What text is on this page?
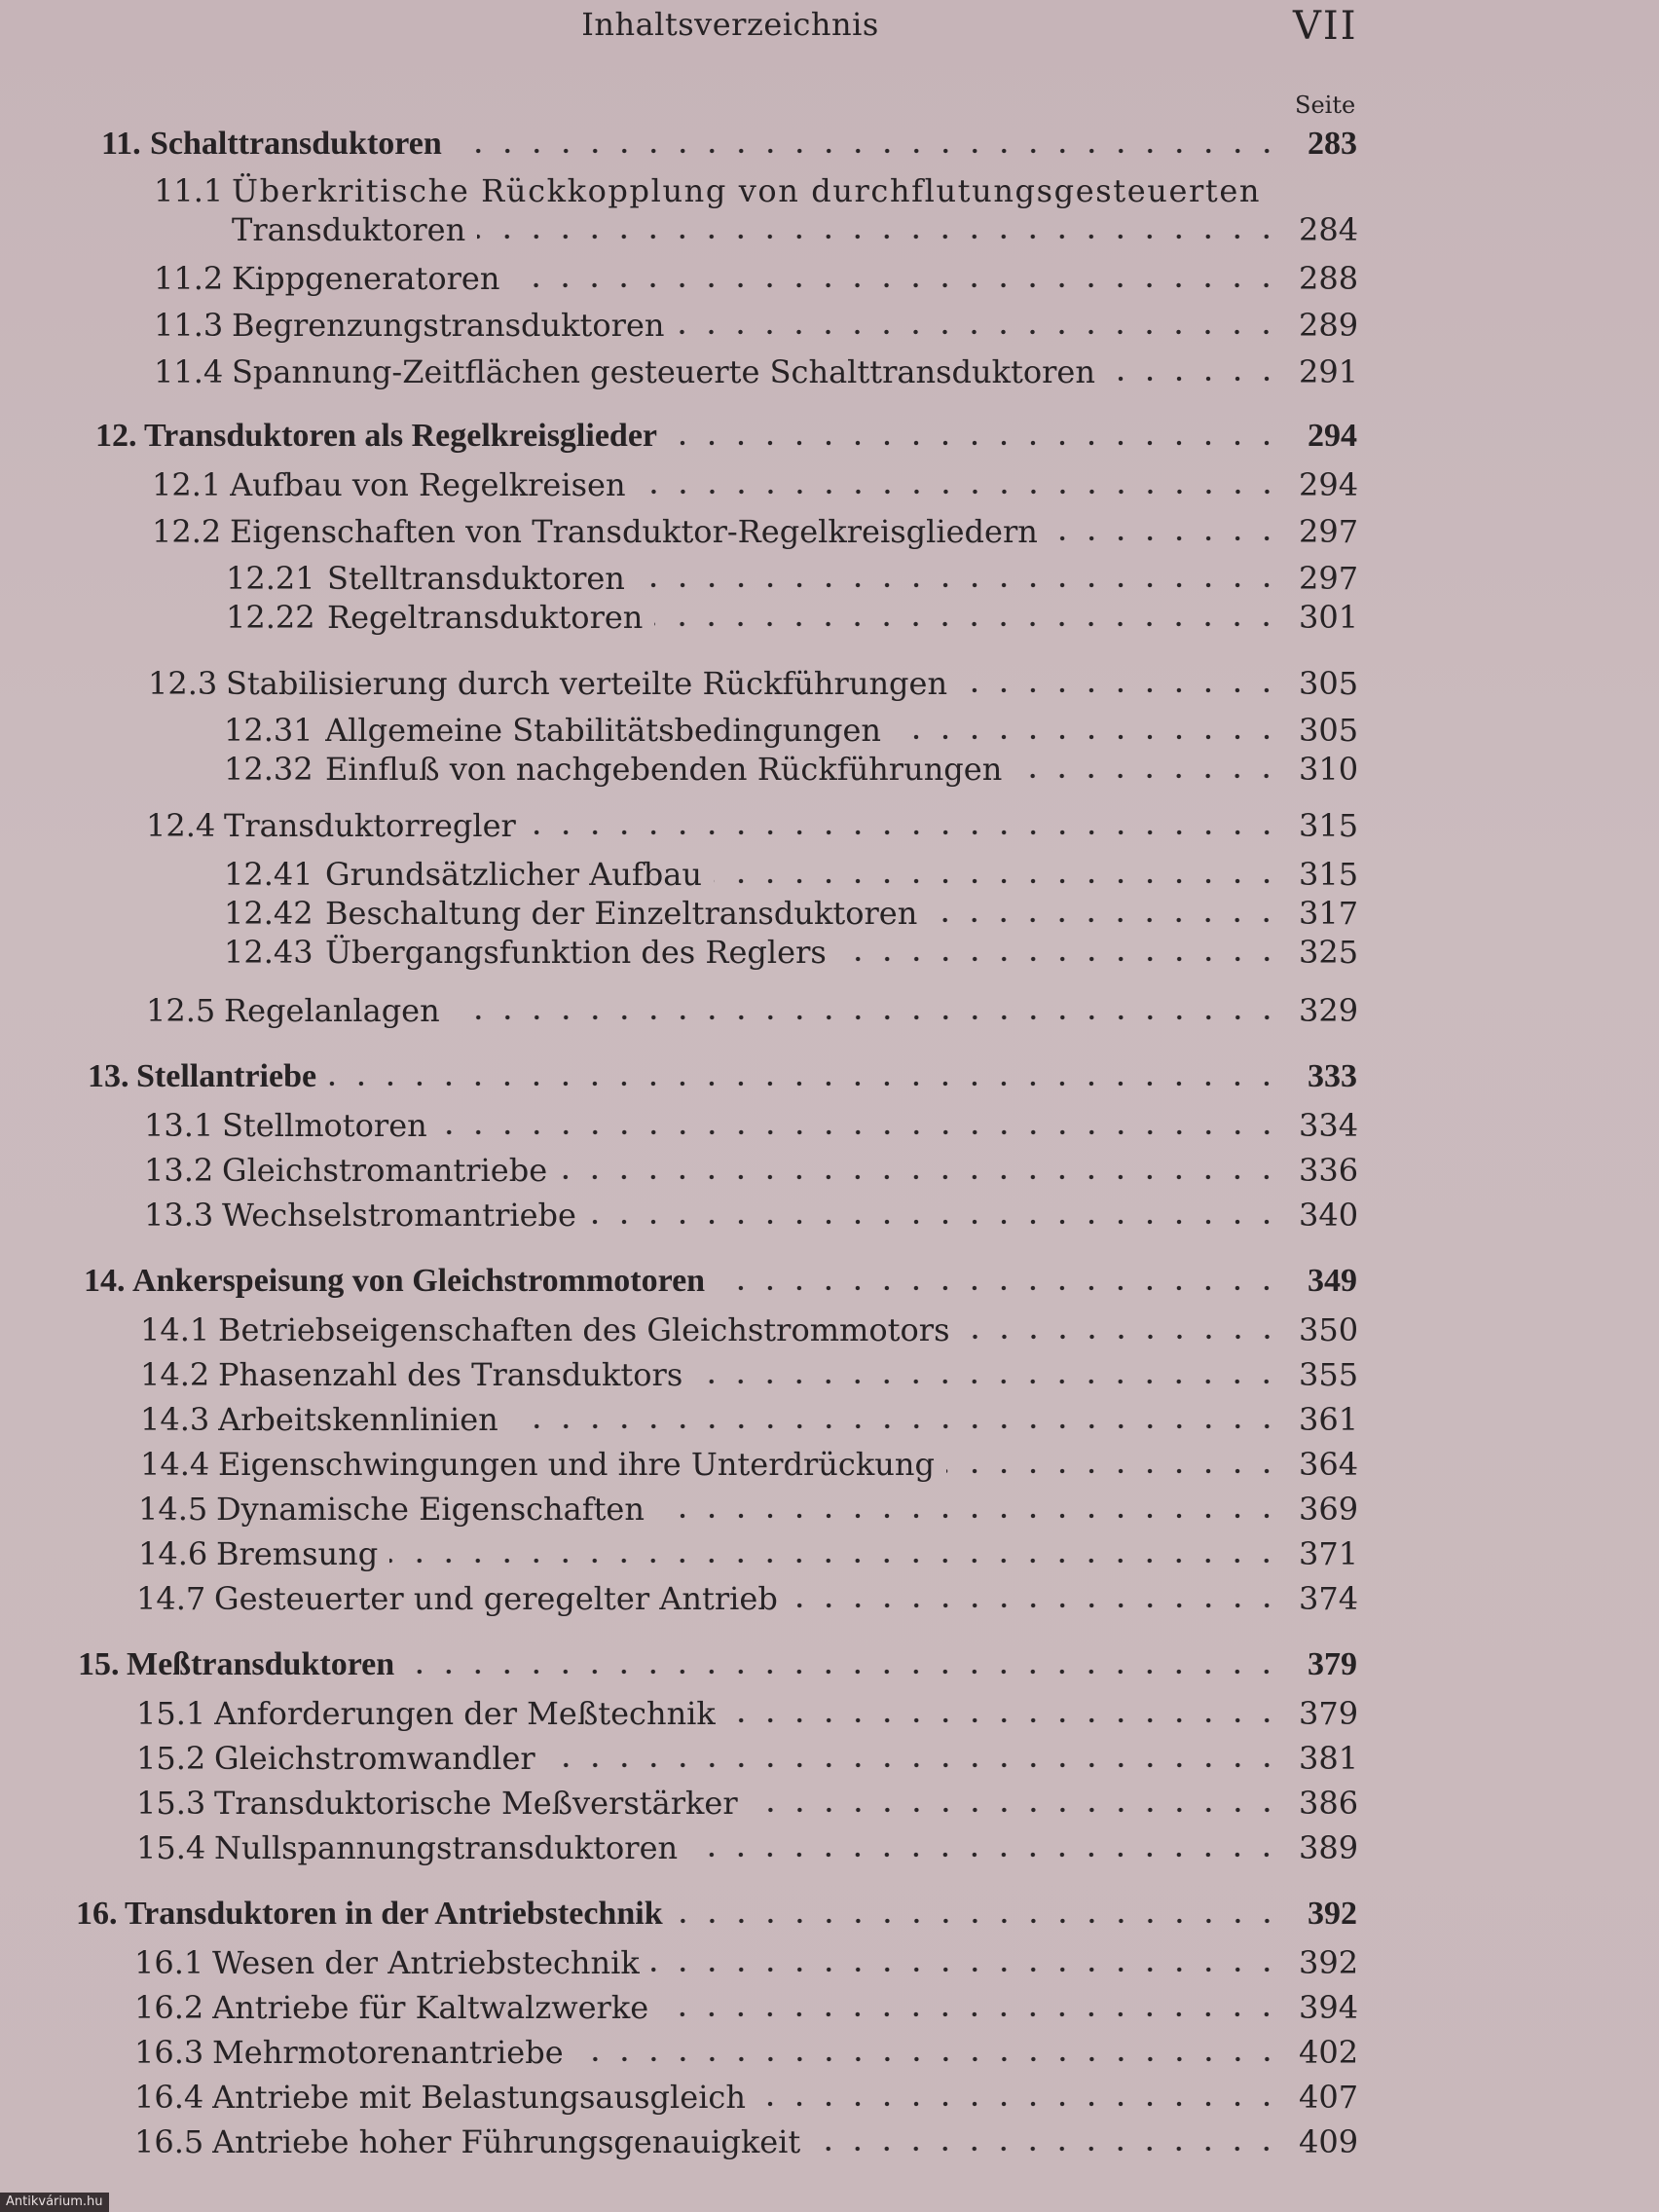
Inhaltsverzeichnis	VII
Seite
11. Schalttransduktoren	283
11.1 Überkritische Rückkopplung von durchflutungsgesteuerten
Transduktoren	284
11.2 Kippgeneratoren	288
11.3 Begrenzungstransduktoren	289
11.4 Spannung-Zeitflächen gesteuerte Schalttransduktoren	291
12. Transduktoren als Regelkreisglieder	294
12.1 Aufbau von Regelkreisen	294
12.2 Eigenschaften von Transduktor-Regelkreisgliedern	297
12.21 Stelltransduktoren	297
12.22 Regeltransduktoren	301
12.3 Stabilisierung durch verteilte Rückführungen	305
12.31 Allgemeine Stabilitätsbedingungen	305
12.32 Einfluß von nachgebenden Rückführungen	310
12.4 Transduktorregler	315
12.41 Grundsätzlicher Aufbau	315
12.42 Beschaltung der Einzeltransduktoren	317
12.43 Übergangsfunktion des Reglers	325
12.5 Regelanlagen	329
13. Stellantriebe	333
13.1 Stellmotoren	334
13.2 Gleichstromantriebe	336
13.3 Wechselstromantriebe	340
14. Ankerspeisung von Gleichstrommotoren	349
14.1 Betriebseigenschaften des Gleichstrommotors	350
14.2 Phasenzahl des Transduktors	355
14.3 Arbeitskennlinien	361
14.4 Eigenschwingungen und ihre Unterdrückung	364
14.5 Dynamische Eigenschaften	369
14.6 Bremsung	371
14.7 Gesteuerter und geregelter Antrieb	374
15. Meßtransduktoren	379
15.1 Anforderungen der Meßtechnik	379
15.2 Gleichstromwandler	381
15.3 Transduktorische Meßverstärker	386
15.4 Nullspannungstransduktoren	389
16. Transduktoren in der Antriebstechnik	392
16.1 Wesen der Antriebstechnik	392
16.2 Antriebe für Kaltwalzwerke	394
16.3 Mehrmotorenantriebe	402
16.4 Antriebe mit Belastungsausgleich	407
16.5 Antriebe hoher Führungsgenauigkeit	409
Antikvárium.hu
